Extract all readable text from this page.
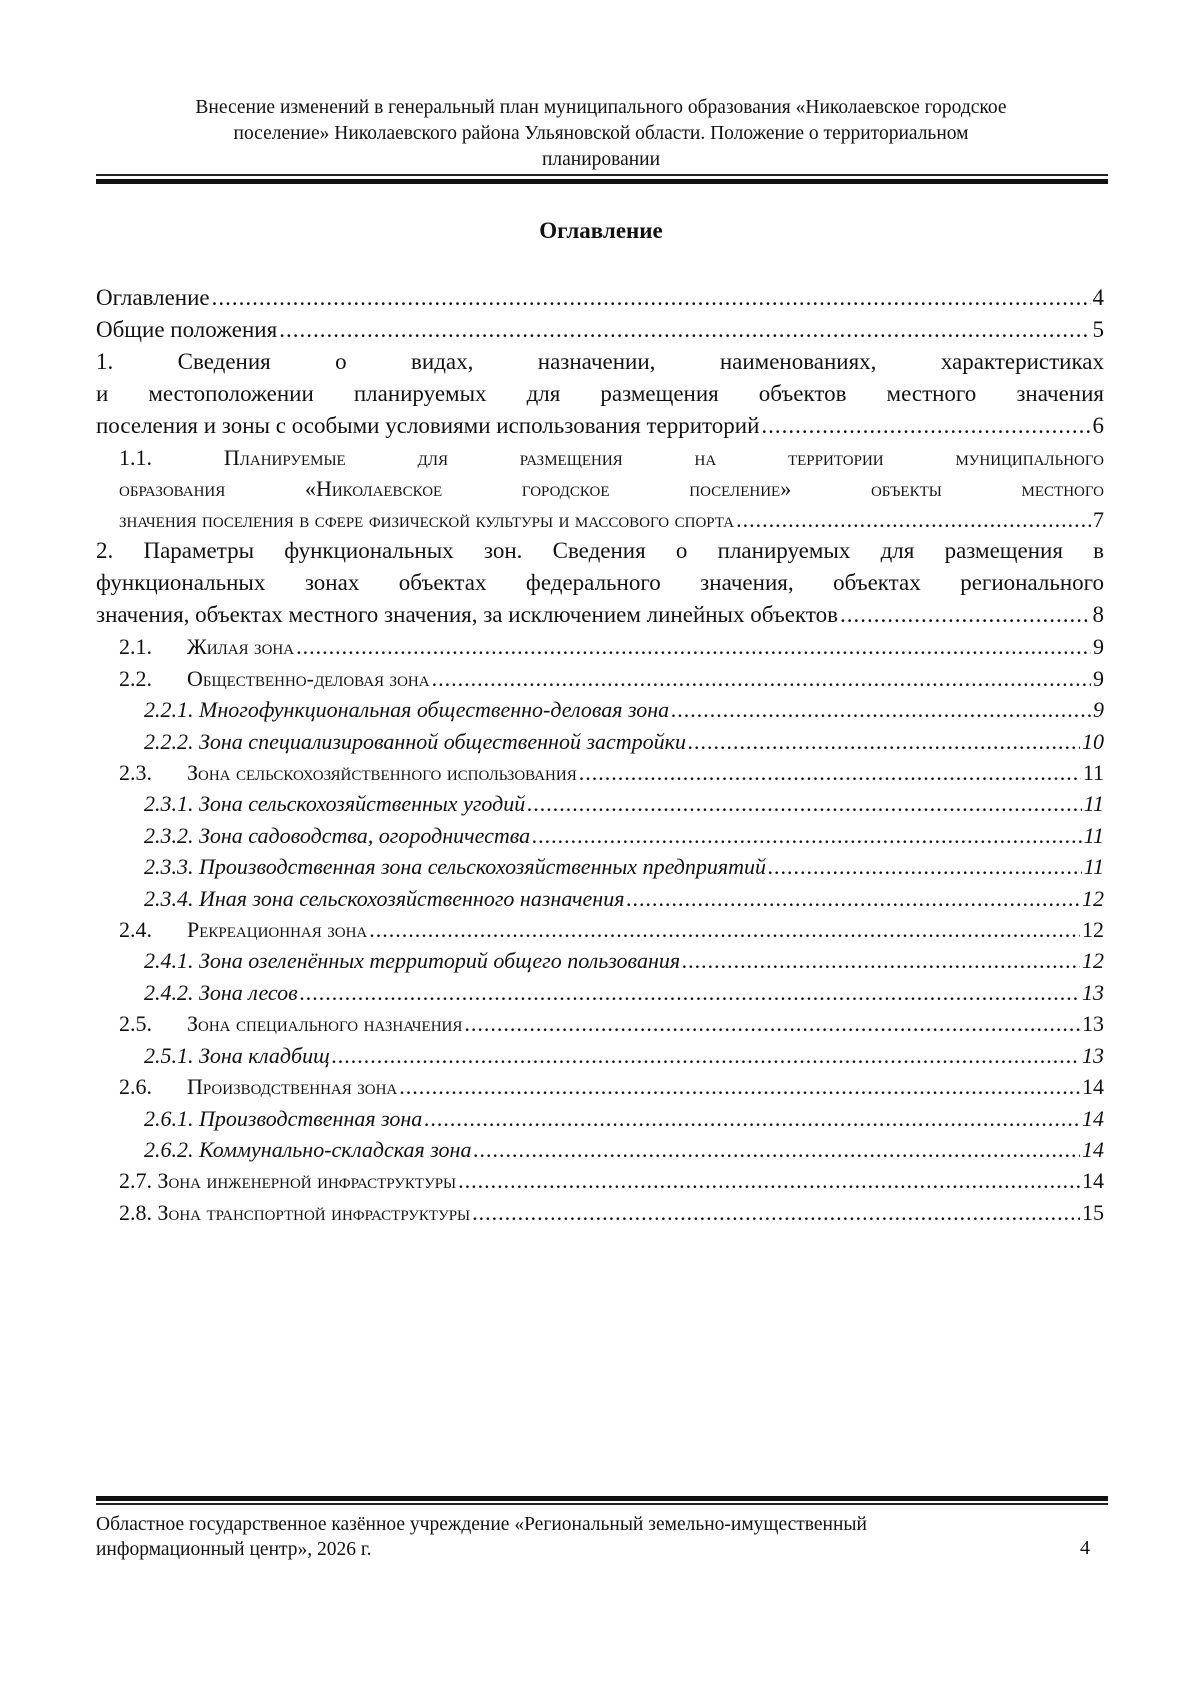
Внесение изменений в генеральный план муниципального образования «Николаевское городское
поселение» Николаевского района Ульяновской области. Положение о территориальном
планировании
Оглавление
Оглавление .....	4
Общие положения .....	5
1. Сведения о видах, назначении, наименованиях, характеристиках
и местоположении планируемых для размещения объектов местного значения
поселения и зоны с особыми условиями использования территорий .....	6
1.1. Планируемые для размещения на территории муниципального
образования «Николаевское городское поселение» объекты местного
значения поселения в сфере физической культуры и массового спорта .....	7
2. Параметры функциональных зон. Сведения о планируемых для размещения в
функциональных зонах объектах федерального значения, объектах регионального
значения, объектах местного значения, за исключением линейных объектов .....	8
2.1. Жилая зона .....	9
2.2. Общественно-деловая зона .....	9
2.2.1. Многофункциональная общественно-деловая зона .....	9
2.2.2. Зона специализированной общественной застройки .....	10
2.3. Зона сельскохозяйственного использования .....	11
2.3.1. Зона сельскохозяйственных угодий .....	11
2.3.2. Зона садоводства, огородничества .....	11
2.3.3. Производственная зона сельскохозяйственных предприятий .....	11
2.3.4. Иная зона сельскохозяйственного назначения .....	12
2.4. Рекреационная зона .....	12
2.4.1. Зона озеленённых территорий общего пользования .....	12
2.4.2. Зона лесов .....	13
2.5. Зона специального назначения .....	13
2.5.1. Зона кладбищ .....	13
2.6. Производственная зона .....	14
2.6.1. Производственная зона .....	14
2.6.2. Коммунально-складская зона .....	14
2.7. Зона инженерной инфраструктуры .....	14
2.8. Зона транспортной инфраструктуры .....	15
Областное государственное казённое учреждение «Региональный земельно-имущественный
информационный центр», 2026 г.	4
